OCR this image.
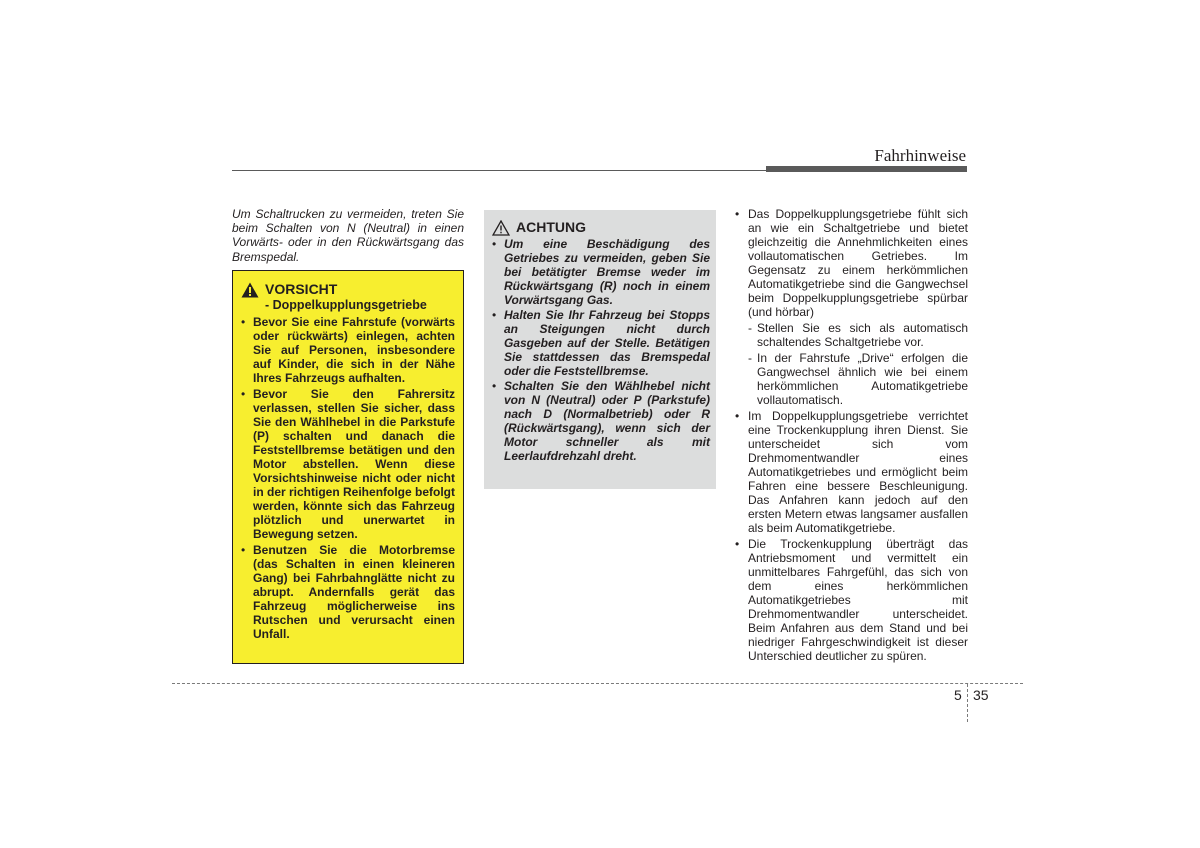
Fahrhinweise
Um Schaltrucken zu vermeiden, treten Sie beim Schalten von N (Neutral) in einen Vorwärts- oder in den Rückwärtsgang das Bremspedal.
VORSICHT
- Doppelkupplungsgetriebe
• Bevor Sie eine Fahrstufe (vorwärts oder rückwärts) einlegen, achten Sie auf Personen, insbesondere auf Kinder, die sich in der Nähe Ihres Fahrzeugs aufhalten.
• Bevor Sie den Fahrersitz verlassen, stellen Sie sicher, dass Sie den Wählhebel in die Parkstufe (P) schalten und danach die Feststellbremse betätigen und den Motor abstellen. Wenn diese Vorsichtshinweise nicht oder nicht in der richtigen Reihenfolge befolgt werden, könnte sich das Fahrzeug plötzlich und unerwartet in Bewegung setzen.
• Benutzen Sie die Motorbremse (das Schalten in einen kleineren Gang) bei Fahrbahnglätte nicht zu abrupt. Andernfalls gerät das Fahrzeug möglicherweise ins Rutschen und verursacht einen Unfall.
ACHTUNG
• Um eine Beschädigung des Getriebes zu vermeiden, geben Sie bei betätigter Bremse weder im Rückwärtsgang (R) noch in einem Vorwärtsgang Gas.
• Halten Sie Ihr Fahrzeug bei Stopps an Steigungen nicht durch Gasgeben auf der Stelle. Betätigen Sie stattdessen das Bremspedal oder die Feststellbremse.
• Schalten Sie den Wählhebel nicht von N (Neutral) oder P (Parkstufe) nach D (Normalbetrieb) oder R (Rückwärtsgang), wenn sich der Motor schneller als mit Leerlaufdrehzahl dreht.
• Das Doppelkupplungsgetriebe fühlt sich an wie ein Schaltgetriebe und bietet gleichzeitig die Annehmlichkeiten eines vollautomatischen Getriebes. Im Gegensatz zu einem herkömmlichen Automatikgetriebe sind die Gangwechsel beim Doppelkupplungsgetriebe spürbar (und hörbar)
- Stellen Sie es sich als automatisch schaltendes Schaltgetriebe vor.
- In der Fahrstufe „Drive“ erfolgen die Gangwechsel ähnlich wie bei einem herkömmlichen Automatikgetriebe vollautomatisch.
• Im Doppelkupplungsgetriebe verrichtet eine Trockenkupplung ihren Dienst. Sie unterscheidet sich vom Drehmomentwandler eines Automatikgetriebes und ermöglicht beim Fahren eine bessere Beschleunigung. Das Anfahren kann jedoch auf den ersten Metern etwas langsamer ausfallen als beim Automatikgetriebe.
• Die Trockenkupplung überträgt das Antriebsmoment und vermittelt ein unmittelbares Fahrgefühl, das sich von dem eines herkömmlichen Automatikgetriebes mit Drehmomentwandler unterscheidet. Beim Anfahren aus dem Stand und bei niedriger Fahrgeschwindigkeit ist dieser Unterschied deutlicher zu spüren.
5 35
